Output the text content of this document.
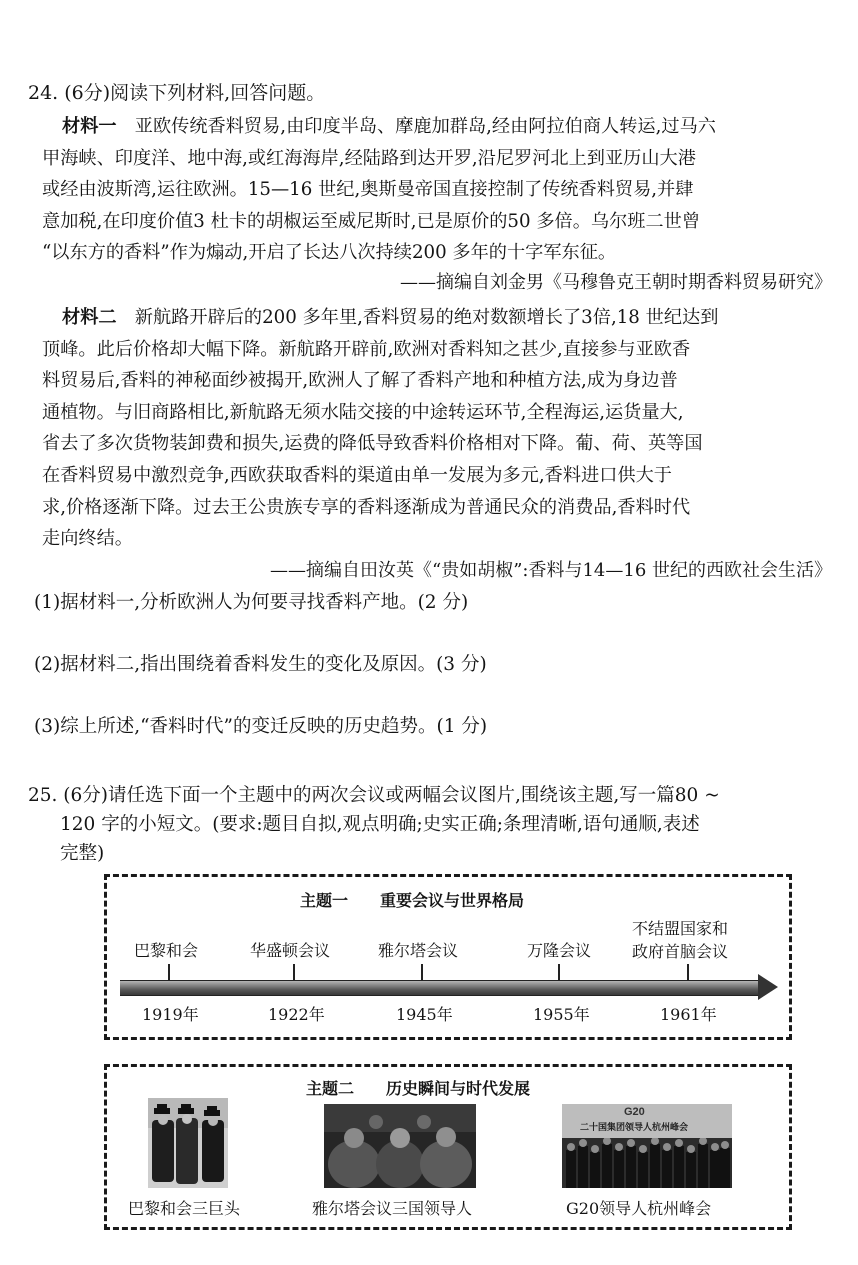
24. (6分)阅读下列材料,回答问题。
材料一　 亚欧传统香料贸易,由印度半岛、摩鹿加群岛,经由阿拉伯商人转运,过马六
甲海峡、印度洋、地中海,或红海海岸,经陆路到达开罗,沿尼罗河北上到亚历山大港
或经由波斯湾,运往欧洲。15—16 世纪,奥斯曼帝国直接控制了传统香料贸易,并肆
意加税,在印度价值3 杜卡的胡椒运至威尼斯时,已是原价的50 多倍。乌尔班二世曾
“以东方的香料”作为煽动,开启了长达八次持续200 多年的十字军东征。
——摘编自刘金男《马穆鲁克王朝时期香料贸易研究》
材料二　 新航路开辟后的200 多年里,香料贸易的绝对数额增长了3倍,18 世纪达到
顶峰。此后价格却大幅下降。新航路开辟前,欧洲对香料知之甚少,直接参与亚欧香
料贸易后,香料的神秘面纱被揭开,欧洲人了解了香料产地和种植方法,成为身边普
通植物。与旧商路相比,新航路无须水陆交接的中途转运环节,全程海运,运货量大,
省去了多次货物装卸费和损失,运费的降低导致香料价格相对下降。葡、荷、英等国
在香料贸易中激烈竞争,西欧获取香料的渠道由单一发展为多元,香料进口供大于
求,价格逐渐下降。过去王公贵族专享的香料逐渐成为普通民众的消费品,香料时代
走向终结。
——摘编自田汝英《“贵如胡椒”:香料与14—16 世纪的西欧社会生活》
(1)据材料一,分析欧洲人为何要寻找香料产地。(2 分)
(2)据材料二,指出围绕着香料发生的变化及原因。(3 分)
(3)综上所述,“香料时代”的变迁反映的历史趋势。(1 分)
25. (6分)请任选下面一个主题中的两次会议或两幅会议图片,围绕该主题,写一篇80 ~
120 字的小短文。(要求:题目自拟,观点明确;史实正确;条理清晰,语句通顺,表述
完整)
主题一　　重要会议与世界格局
巴黎和会	华盛顿会议	雅尔塔会议	万隆会议
不结盟国家和
政府首脑会议
1919年	1922年	1945年	1955年	1961年
主题二　　历史瞬间与时代发展
巴黎和会三巨头	雅尔塔会议三国领导人
G20
二十国集团领导人杭州峰会
G20领导人杭州峰会
